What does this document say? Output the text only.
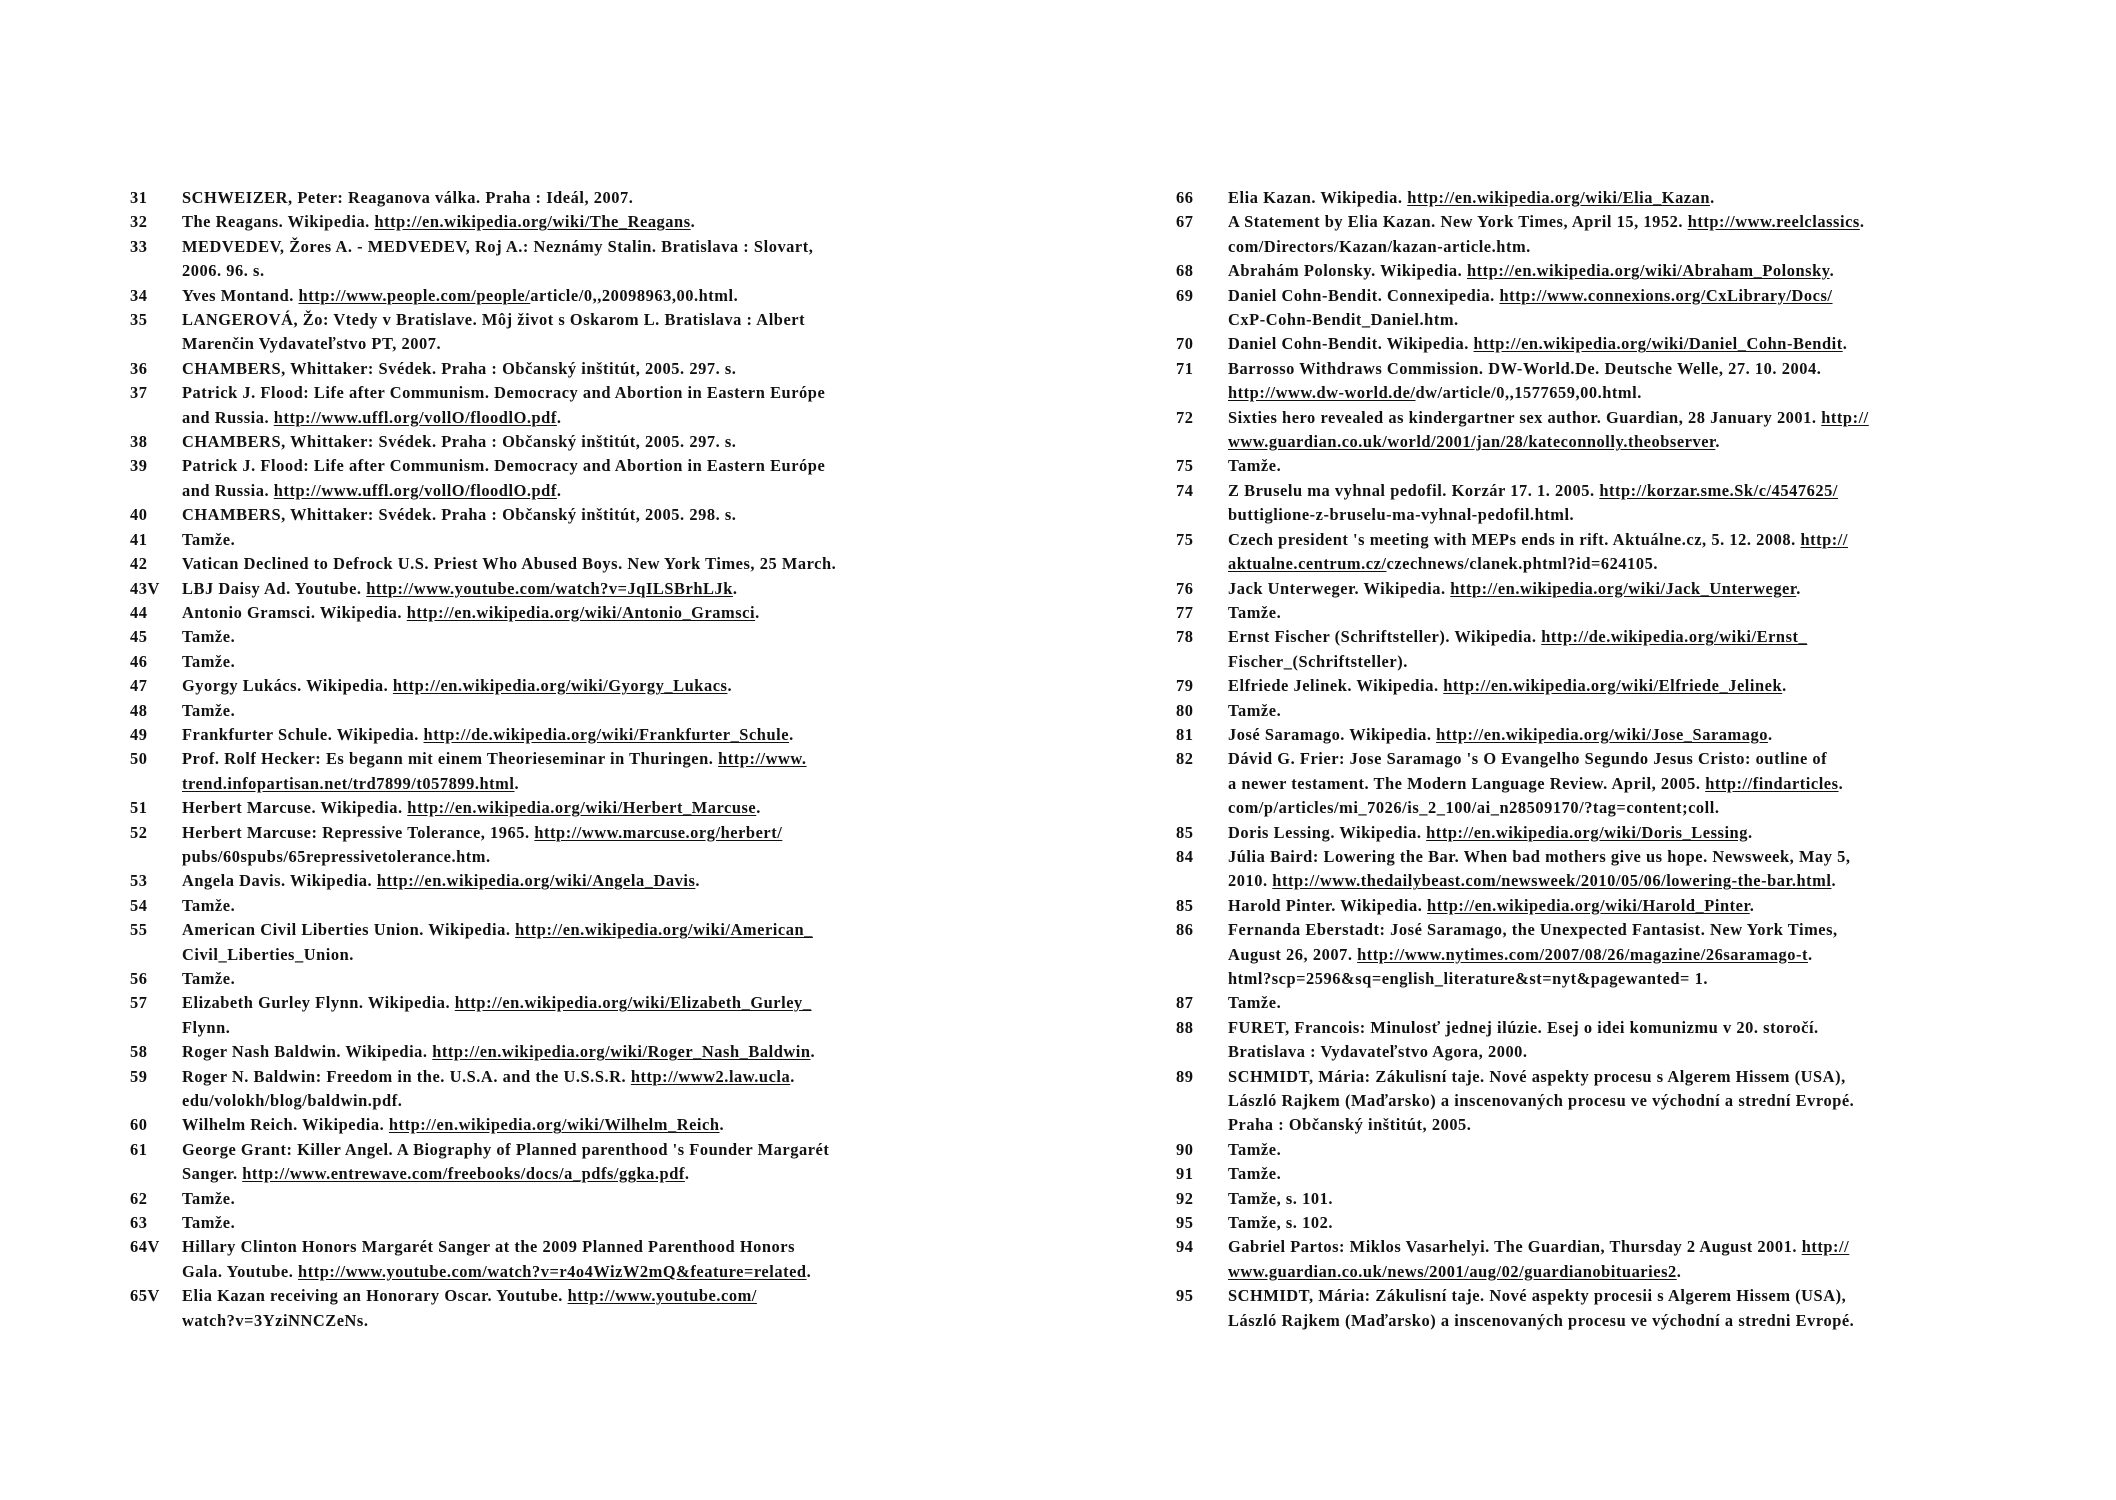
31	SCHWEIZER, Peter: Reaganova válka. Praha : Ideál, 2007.
32	The Reagans. Wikipedia. http://en.wikipedia.org/wiki/The_Reagans.
33	MEDVEDEV, Žores A. - MEDVEDEV, Roj A.: Neznámy Stalin. Bratislava : Slovart,
2006. 96. s.
34	Yves Montand. http://www.people.com/people/article/0,,20098963,00.html.
35	LANGEROVÁ, Žo: Vtedy v Bratislave. Môj život s Oskarom L. Bratislava : Albert
Marenčin Vydavateľstvo PT, 2007.
36	CHAMBERS, Whittaker: Svédek. Praha : Občanský inštitút, 2005. 297. s.
37	Patrick J. Flood: Life after Communism. Democracy and Abortion in Eastern Európe
and Russia. http://www.uffl.org/vollO/floodlO.pdf.
38	CHAMBERS, Whittaker: Svédek. Praha : Občanský inštitút, 2005. 297. s.
39	Patrick J. Flood: Life after Communism. Democracy and Abortion in Eastern Európe
and Russia. http://www.uffl.org/vollO/floodlO.pdf.
40	CHAMBERS, Whittaker: Svédek. Praha : Občanský inštitút, 2005. 298. s.
41	Tamže.
42	Vatican Declined to Defrock U.S. Priest Who Abused Boys. New York Times, 25 March.
43V	LBJ Daisy Ad. Youtube. http://www.youtube.com/watch?v=JqILSBrhLJk.
44	Antonio Gramsci. Wikipedia. http://en.wikipedia.org/wiki/Antonio_Gramsci.
45	Tamže.
46	Tamže.
47	Gyorgy Lukács. Wikipedia. http://en.wikipedia.org/wiki/Gyorgy_Lukacs.
48	Tamže.
49	Frankfurter Schule. Wikipedia. http://de.wikipedia.org/wiki/Frankfurter_Schule.
50	Prof. Rolf Hecker: Es begann mit einem Theorieseminar in Thuringen. http://www.
trend.infopartisan.net/trd7899/t057899.html.
51	Herbert Marcuse. Wikipedia. http://en.wikipedia.org/wiki/Herbert_Marcuse.
52	Herbert Marcuse: Repressive Tolerance, 1965. http://www.marcuse.org/herbert/
pubs/60spubs/65repressivetolerance.htm.
53	Angela Davis. Wikipedia. http://en.wikipedia.org/wiki/Angela_Davis.
54	Tamže.
55	American Civil Liberties Union. Wikipedia. http://en.wikipedia.org/wiki/American_
Civil_Liberties_Union.
56	Tamže.
57	Elizabeth Gurley Flynn. Wikipedia. http://en.wikipedia.org/wiki/Elizabeth_Gurley_
Flynn.
58	Roger Nash Baldwin. Wikipedia. http://en.wikipedia.org/wiki/Roger_Nash_Baldwin.
59	Roger N. Baldwin: Freedom in the. U.S.A. and the U.S.S.R. http://www2.law.ucla.
edu/volokh/blog/baldwin.pdf.
60	Wilhelm Reich. Wikipedia. http://en.wikipedia.org/wiki/Wilhelm_Reich.
61	George Grant: Killer Angel. A Biography of Planned parenthood 's Founder Margarét
Sanger. http://www.entrewave.com/freebooks/docs/a_pdfs/ggka.pdf.
62	Tamže.
63	Tamže.
64V	Hillary Clinton Honors Margarét Sanger at the 2009 Planned Parenthood Honors
Gala. Youtube. http://www.youtube.com/watch?v=r4o4WizW2mQ&feature=related.
65V	Elia Kazan receiving an Honorary Oscar. Youtube. http://www.youtube.com/
watch?v=3YziNNCZeNs.
66	Elia Kazan. Wikipedia. http://en.wikipedia.org/wiki/Elia_Kazan.
67	A Statement by Elia Kazan. New York Times, April 15, 1952. http://www.reelclassics.
com/Directors/Kazan/kazan-article.htm.
68	Abrahám Polonsky. Wikipedia. http://en.wikipedia.org/wiki/Abraham_Polonsky.
69	Daniel Cohn-Bendit. Connexipedia. http://www.connexions.org/CxLibrary/Docs/
CxP-Cohn-Bendit_Daniel.htm.
70	Daniel Cohn-Bendit. Wikipedia. http://en.wikipedia.org/wiki/Daniel_Cohn-Bendit.
71	Barrosso Withdraws Commission. DW-World.De. Deutsche Welle, 27. 10. 2004.
http://www.dw-world.de/dw/article/0,,1577659,00.html.
72	Sixties hero revealed as kindergartner sex author. Guardian, 28 January 2001. http://
www.guardian.co.uk/world/2001/jan/28/kateconnolly.theobserver.
75	Tamže.
74	Z Bruselu ma vyhnal pedofil. Korzár 17. 1. 2005. http://korzar.sme.Sk/c/4547625/
buttiglione-z-bruselu-ma-vyhnal-pedofil.html.
75	Czech president 's meeting with MEPs ends in rift. Aktuálne.cz, 5. 12. 2008. http://
aktualne.centrum.cz/czechnews/clanek.phtml?id=624105.
76	Jack Unterweger. Wikipedia. http://en.wikipedia.org/wiki/Jack_Unterweger.
77	Tamže.
78	Ernst Fischer (Schriftsteller). Wikipedia. http://de.wikipedia.org/wiki/Ernst_
Fischer_(Schriftsteller).
79	Elfriede Jelinek. Wikipedia. http://en.wikipedia.org/wiki/Elfriede_Jelinek.
80	Tamže.
81	José Saramago. Wikipedia. http://en.wikipedia.org/wiki/Jose_Saramago.
82	Dávid G. Frier: Jose Saramago 's O Evangelho Segundo Jesus Cristo: outline of
a newer testament. The Modern Language Review. April, 2005. http://findarticles.
com/p/articles/mi_7026/is_2_100/ai_n28509170/?tag=content;coll.
85	Doris Lessing. Wikipedia. http://en.wikipedia.org/wiki/Doris_Lessing.
84	Júlia Baird: Lowering the Bar. When bad mothers give us hope. Newsweek, May 5,
2010. http://www.thedailybeast.com/newsweek/2010/05/06/lowering-the-bar.html.
85	Harold Pinter. Wikipedia. http://en.wikipedia.org/wiki/Harold_Pinter.
86	Fernanda Eberstadt: José Saramago, the Unexpected Fantasist. New York Times,
August 26, 2007. http://www.nytimes.com/2007/08/26/magazine/26saramago-t.
html?scp=2596&sq=english_literature&st=nyt&pagewanted= 1.
87	Tamže.
88	FURET, Francois: Minulosť jednej ilúzie. Esej o idei komunizmu v 20. storočí.
Bratislava : Vydavateľstvo Agora, 2000.
89	SCHMIDT, Mária: Zákulisní taje. Nové aspekty procesu s Algerem Hissem (USA),
László Rajkem (Maďarsko) a inscenovaných procesu ve východní a strední Evropé.
Praha : Občanský inštitút, 2005.
90	Tamže.
91	Tamže.
92	Tamže, s. 101.
95	Tamže, s. 102.
94	Gabriel Partos: Miklos Vasarhelyi. The Guardian, Thursday 2 August 2001. http://
www.guardian.co.uk/news/2001/aug/02/guardianobituaries2.
95	SCHMIDT, Mária: Zákulisní taje. Nové aspekty procesii s Algerem Hissem (USA),
László Rajkem (Maďarsko) a inscenovaných procesu ve východní a stredni Evropé.
